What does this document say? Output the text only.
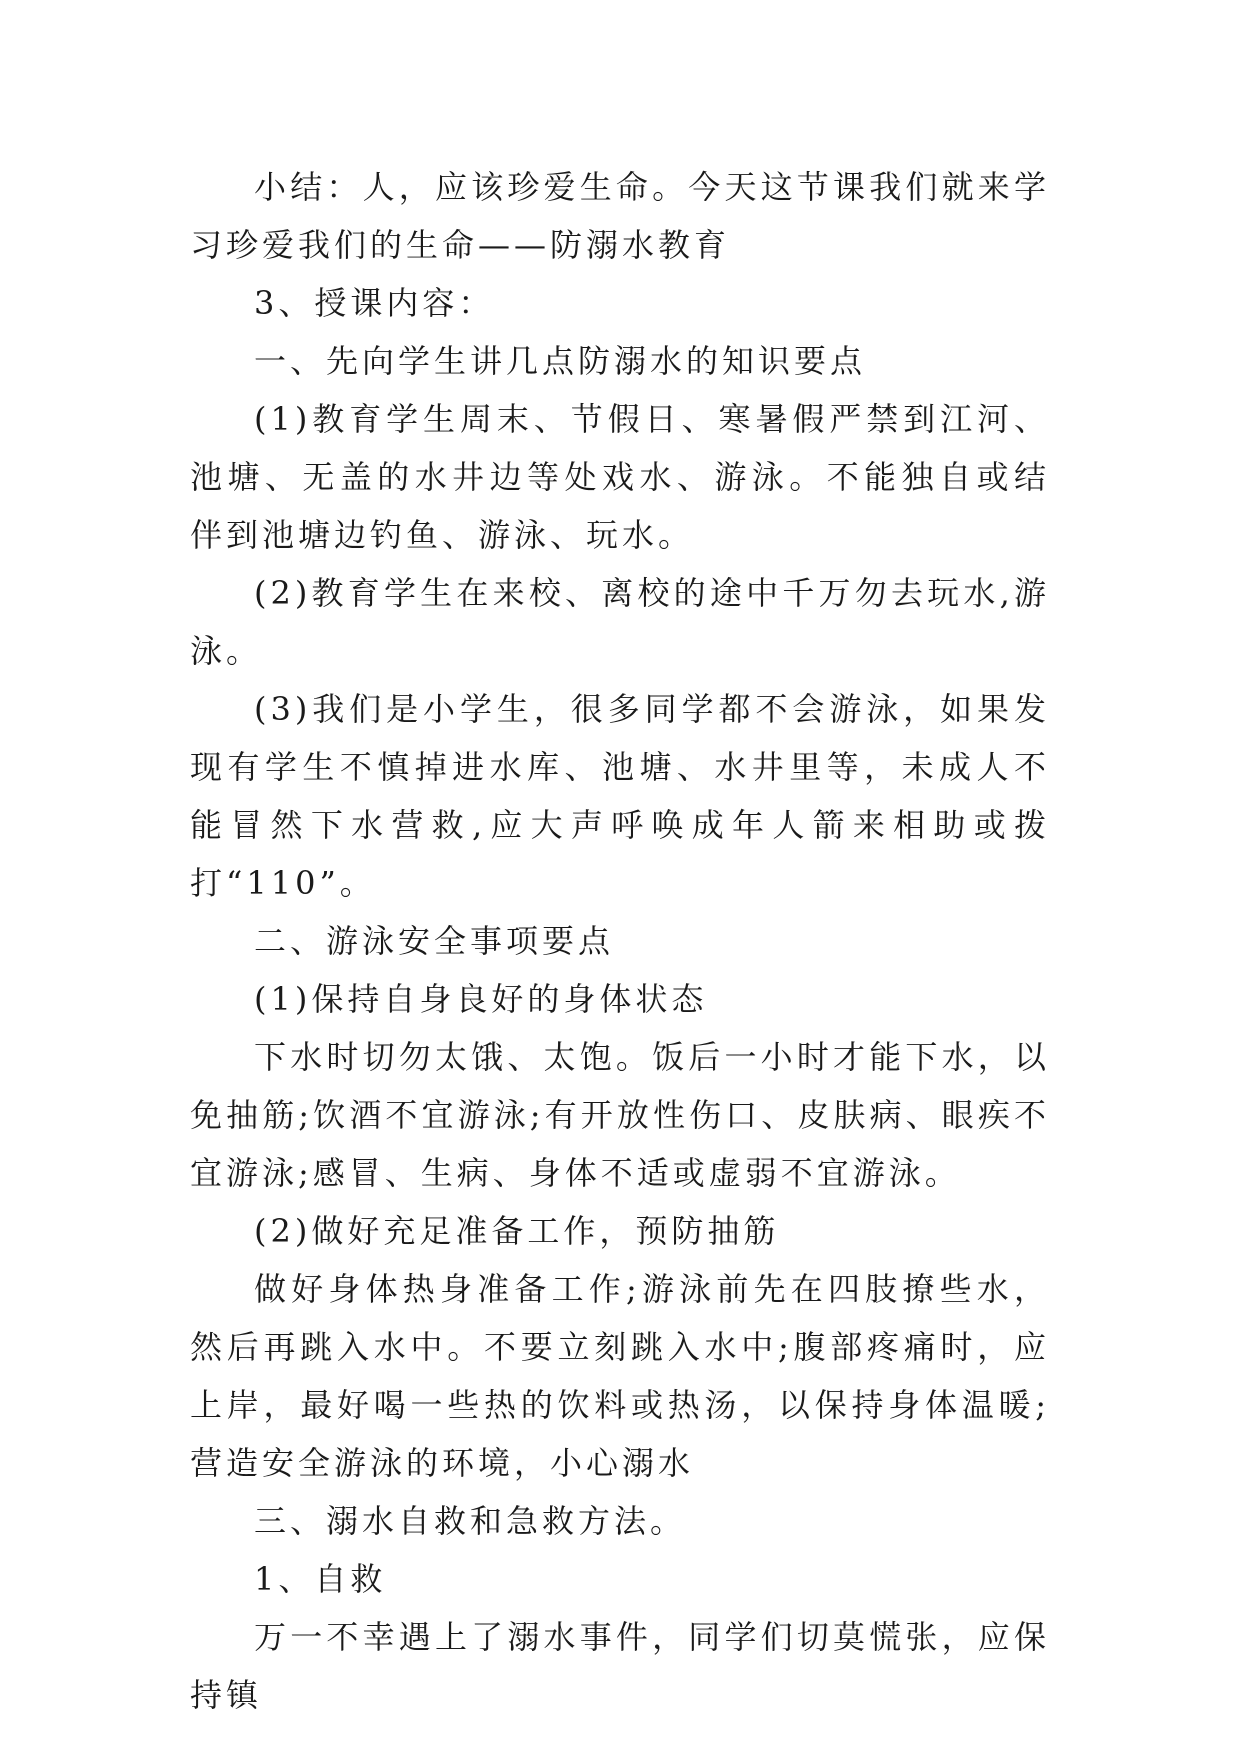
小结：人，应该珍爱生命。今天这节课我们就来学习珍爱我们的生命——防溺水教育

3、授课内容：

一、先向学生讲几点防溺水的知识要点

(1)教育学生周末、节假日、寒暑假严禁到江河、池塘、无盖的水井边等处戏水、游泳。不能独自或结伴到池塘边钓鱼、游泳、玩水。

(2)教育学生在来校、离校的途中千万勿去玩水,游泳。

(3)我们是小学生，很多同学都不会游泳，如果发现有学生不慎掉进水库、池塘、水井里等，未成人不能冒然下水营救,应大声呼唤成年人箭来相助或拨打“110”。

二、游泳安全事项要点

(1)保持自身良好的身体状态

下水时切勿太饿、太饱。饭后一小时才能下水，以免抽筋;饮酒不宜游泳;有开放性伤口、皮肤病、眼疾不宜游泳;感冒、生病、身体不适或虚弱不宜游泳。

(2)做好充足准备工作，预防抽筋

做好身体热身准备工作;游泳前先在四肢撩些水，然后再跳入水中。不要立刻跳入水中;腹部疼痛时，应上岸，最好喝一些热的饮料或热汤，以保持身体温暖;营造安全游泳的环境，小心溺水

三、溺水自救和急救方法。

1、自救

万一不幸遇上了溺水事件，同学们切莫慌张，应保持镇
